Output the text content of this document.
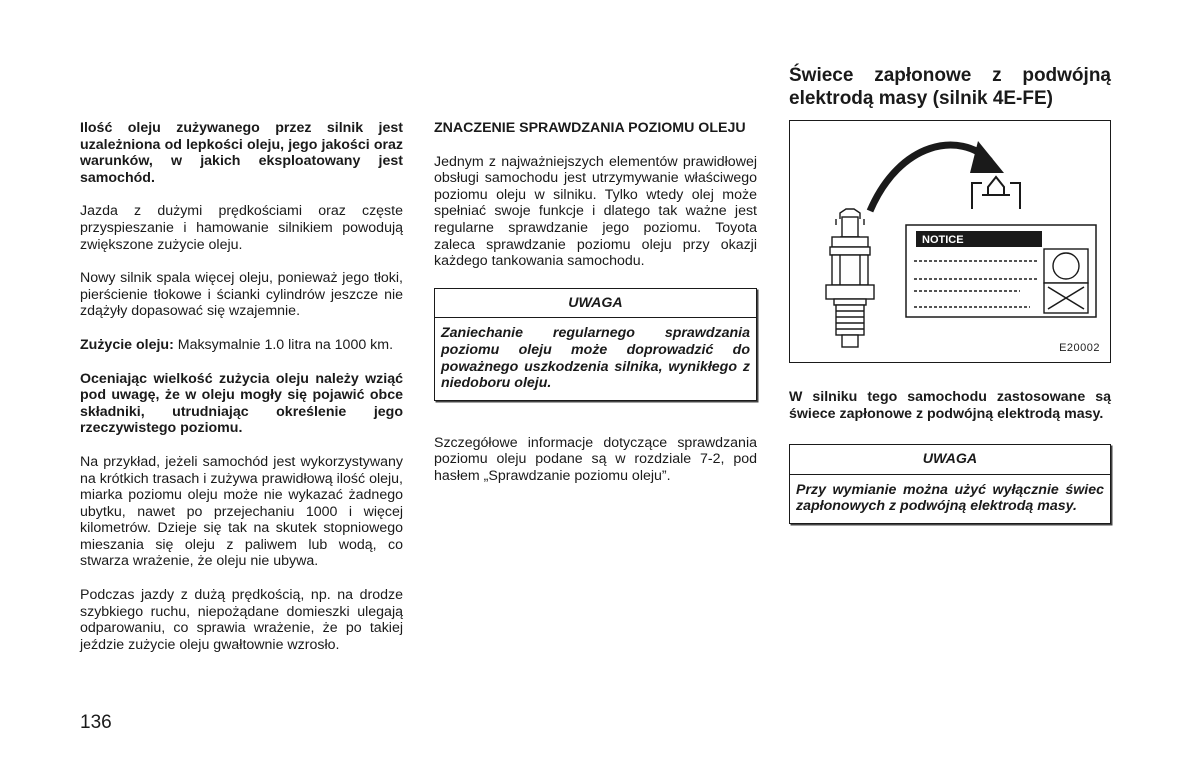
Ilość oleju zużywanego przez silnik jest uzależniona od lepkości oleju, jego jakości oraz warunków, w jakich eksploatowany jest samochód.

Jazda z dużymi prędkościami oraz częste przyspieszanie i hamowanie silnikiem powodują zwiększone zużycie oleju.

Nowy silnik spala więcej oleju, ponieważ jego tłoki, pierścienie tłokowe i ścianki cylindrów jeszcze nie zdążyły dopasować się wzajemnie.

Zużycie oleju: Maksymalnie 1.0 litra na 1000 km.

Oceniając wielkość zużycia oleju należy wziąć pod uwagę, że w oleju mogły się pojawić obce składniki, utrudniając określenie jego rzeczywistego poziomu.

Na przykład, jeżeli samochód jest wykorzystywany na krótkich trasach i zużywa prawidłową ilość oleju, miarka poziomu oleju może nie wykazać żadnego ubytku, nawet po przejechaniu 1000 i więcej kilometrów. Dzieje się tak na skutek stopniowego mieszania się oleju z paliwem lub wodą, co stwarza wrażenie, że oleju nie ubywa.

Podczas jazdy z dużą prędkością, np. na drodze szybkiego ruchu, niepożądane domieszki ulegają odparowaniu, co sprawia wrażenie, że po takiej jeździe zużycie oleju gwałtownie wzrosło.

ZNACZENIE SPRAWDZANIA POZIOMU OLEJU

Jednym z najważniejszych elementów prawidłowej obsługi samochodu jest utrzymywanie właściwego poziomu oleju w silniku. Tylko wtedy olej może spełniać swoje funkcje i dlatego tak ważne jest regularne sprawdzanie jego poziomu. Toyota zaleca sprawdzanie poziomu oleju przy okazji każdego tankowania samochodu.

UWAGA
Zaniechanie regularnego sprawdzania poziomu oleju może doprowadzić do poważnego uszkodzenia silnika, wynikłego z niedoboru oleju.

Szczegółowe informacje dotyczące sprawdzania poziomu oleju podane są w rozdziale 7-2, pod hasłem „Sprawdzanie poziomu oleju”.

Świece zapłonowe z podwójną elektrodą masy (silnik 4E-FE)

NOTICE
E20002

W silniku tego samochodu zastosowane są świece zapłonowe z podwójną elektrodą masy.

UWAGA
Przy wymianie można użyć wyłącznie świec zapłonowych z podwójną elektrodą masy.
136
